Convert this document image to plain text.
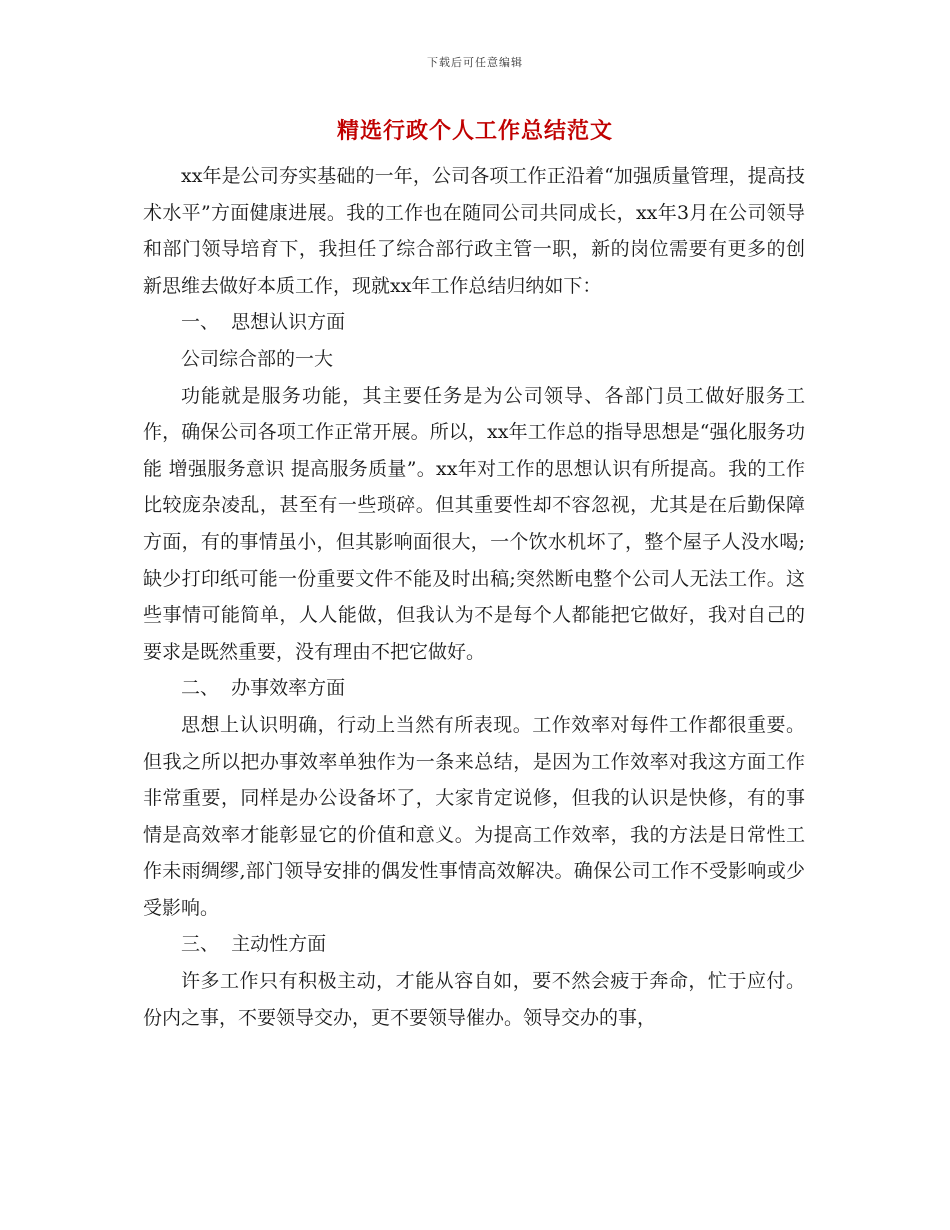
下载后可任意编辑
精选行政个人工作总结范文

xx年是公司夯实基础的一年，公司各项工作正沿着“加强质量管理，提高技术水平”方面健康进展。我的工作也在随同公司共同成长，xx年3月在公司领导和部门领导培育下，我担任了综合部行政主管一职，新的岗位需要有更多的创新思维去做好本质工作，现就xx年工作总结归纳如下：

一、  思想认识方面

公司综合部的一大

功能就是服务功能，其主要任务是为公司领导、各部门员工做好服务工作，确保公司各项工作正常开展。所以，xx年工作总的指导思想是“强化服务功能 增强服务意识 提高服务质量”。xx年对工作的思想认识有所提高。我的工作比较庞杂凌乱，甚至有一些琐碎。但其重要性却不容忽视，尤其是在后勤保障方面，有的事情虽小，但其影响面很大，一个饮水机坏了，整个屋子人没水喝;缺少打印纸可能一份重要文件不能及时出稿;突然断电整个公司人无法工作。这些事情可能简单，人人能做，但我认为不是每个人都能把它做好，我对自己的要求是既然重要，没有理由不把它做好。

二、  办事效率方面

思想上认识明确，行动上当然有所表现。工作效率对每件工作都很重要。但我之所以把办事效率单独作为一条来总结，是因为工作效率对我这方面工作非常重要，同样是办公设备坏了，大家肯定说修，但我的认识是快修，有的事情是高效率才能彰显它的价值和意义。为提高工作效率，我的方法是日常性工作未雨绸缪,部门领导安排的偶发性事情高效解决。确保公司工作不受影响或少受影响。

三、  主动性方面

许多工作只有积极主动，才能从容自如，要不然会疲于奔命，忙于应付。份内之事，不要领导交办，更不要领导催办。领导交办的事，
